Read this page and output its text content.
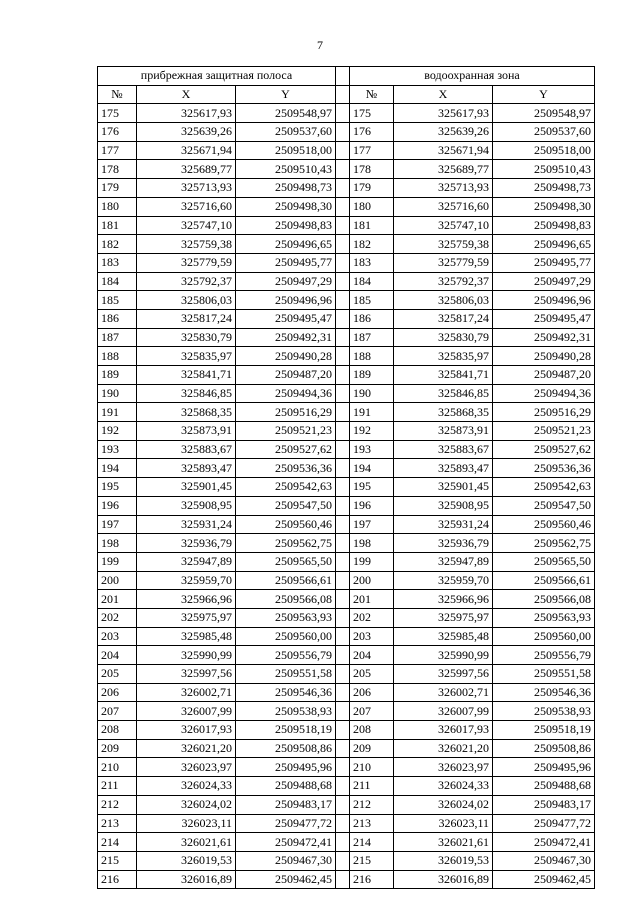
7
прибрежная защитная полоса				водоохранная зона		
№	X	Y		№	X	Y
175	325617,93	2509548,97		175	325617,93	2509548,97
176	325639,26	2509537,60		176	325639,26	2509537,60
177	325671,94	2509518,00		177	325671,94	2509518,00
178	325689,77	2509510,43		178	325689,77	2509510,43
179	325713,93	2509498,73		179	325713,93	2509498,73
180	325716,60	2509498,30		180	325716,60	2509498,30
181	325747,10	2509498,83		181	325747,10	2509498,83
182	325759,38	2509496,65		182	325759,38	2509496,65
183	325779,59	2509495,77		183	325779,59	2509495,77
184	325792,37	2509497,29		184	325792,37	2509497,29
185	325806,03	2509496,96		185	325806,03	2509496,96
186	325817,24	2509495,47		186	325817,24	2509495,47
187	325830,79	2509492,31		187	325830,79	2509492,31
188	325835,97	2509490,28		188	325835,97	2509490,28
189	325841,71	2509487,20		189	325841,71	2509487,20
190	325846,85	2509494,36		190	325846,85	2509494,36
191	325868,35	2509516,29		191	325868,35	2509516,29
192	325873,91	2509521,23		192	325873,91	2509521,23
193	325883,67	2509527,62		193	325883,67	2509527,62
194	325893,47	2509536,36		194	325893,47	2509536,36
195	325901,45	2509542,63		195	325901,45	2509542,63
196	325908,95	2509547,50		196	325908,95	2509547,50
197	325931,24	2509560,46		197	325931,24	2509560,46
198	325936,79	2509562,75		198	325936,79	2509562,75
199	325947,89	2509565,50		199	325947,89	2509565,50
200	325959,70	2509566,61		200	325959,70	2509566,61
201	325966,96	2509566,08		201	325966,96	2509566,08
202	325975,97	2509563,93		202	325975,97	2509563,93
203	325985,48	2509560,00		203	325985,48	2509560,00
204	325990,99	2509556,79		204	325990,99	2509556,79
205	325997,56	2509551,58		205	325997,56	2509551,58
206	326002,71	2509546,36		206	326002,71	2509546,36
207	326007,99	2509538,93		207	326007,99	2509538,93
208	326017,93	2509518,19		208	326017,93	2509518,19
209	326021,20	2509508,86		209	326021,20	2509508,86
210	326023,97	2509495,96		210	326023,97	2509495,96
211	326024,33	2509488,68		211	326024,33	2509488,68
212	326024,02	2509483,17		212	326024,02	2509483,17
213	326023,11	2509477,72		213	326023,11	2509477,72
214	326021,61	2509472,41		214	326021,61	2509472,41
215	326019,53	2509467,30		215	326019,53	2509467,30
216	326016,89	2509462,45		216	326016,89	2509462,45
